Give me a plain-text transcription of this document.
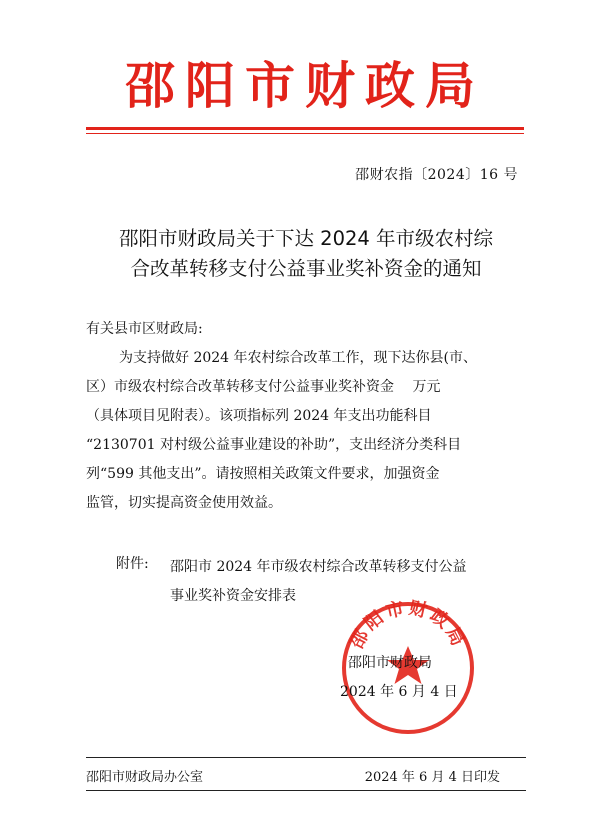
邵阳市财政局
邵财农指〔2024〕16 号
邵阳市财政局关于下达 2024 年市级农村综
合改革转移支付公益事业奖补资金的通知
有关县市区财政局:
为支持做好 2024 年农村综合改革工作，现下达你县(市、
区）市级农村综合改革转移支付公益事业奖补资金　 万元
（具体项目见附表）。该项指标列 2024 年支出功能科目
“2130701 对村级公益事业建设的补助”，支出经济分类科目
列“599 其他支出”。请按照相关政策文件要求，加强资金
监管，切实提高资金使用效益。
附件: 邵阳市 2024 年市级农村综合改革转移支付公益
事业奖补资金安排表
邵阳市财政局
邵阳市财政局
2024 年 6 月 4 日
邵阳市财政局办公室	2024 年 6 月 4 日印发
